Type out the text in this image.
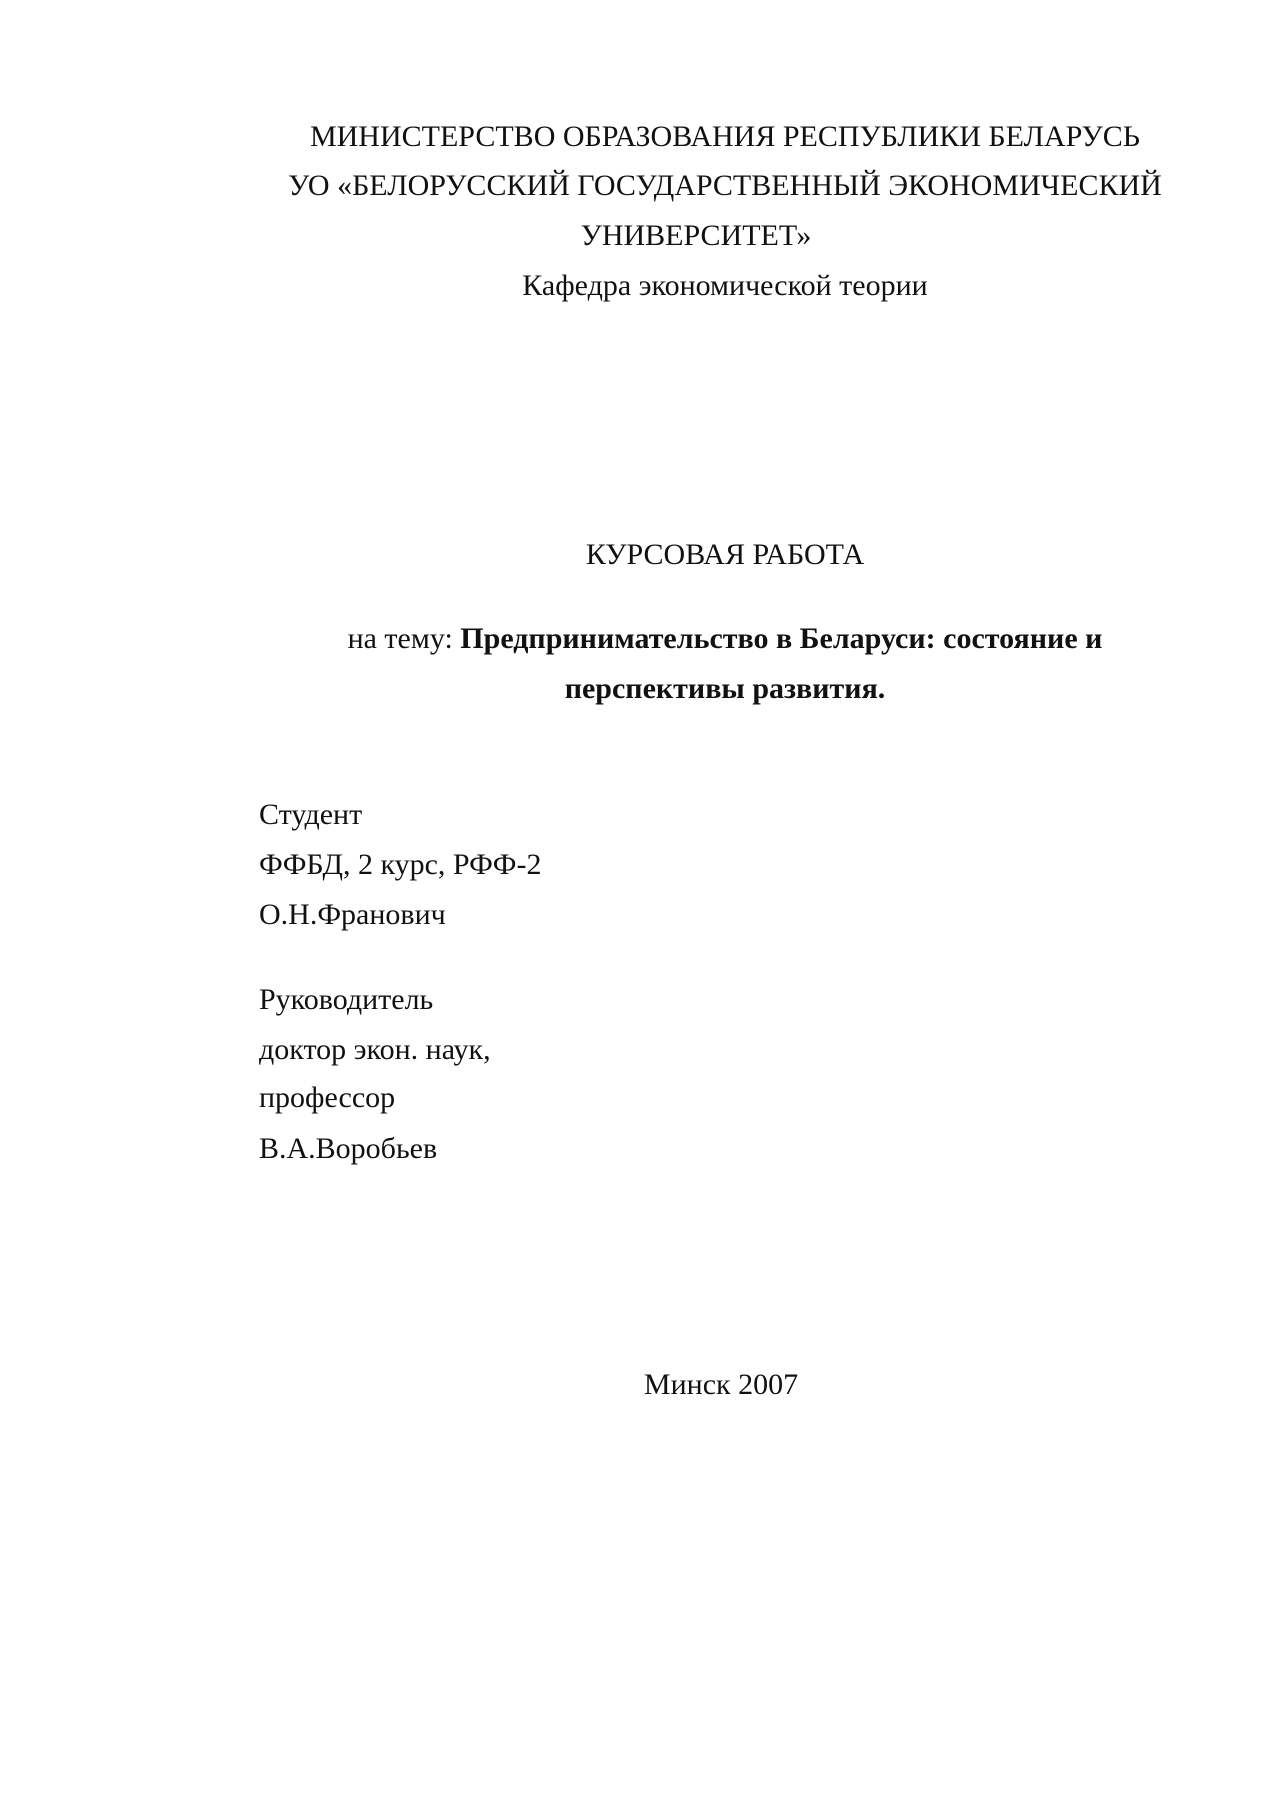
МИНИСТЕРСТВО ОБРАЗОВАНИЯ РЕСПУБЛИКИ БЕЛАРУСЬ
УО «БЕЛОРУССКИЙ ГОСУДАРСТВЕННЫЙ ЭКОНОМИЧЕСКИЙ
УНИВЕРСИТЕТ»
Кафедра экономической теории
КУРСОВАЯ РАБОТА
на тему: Предпринимательство в Беларуси: состояние и
перспективы развития.
Студент
ФФБД, 2 курс, РФФ-2
О.Н.Франович
Руководитель
доктор экон. наук,
профессор
В.А.Воробьев
Минск 2007
